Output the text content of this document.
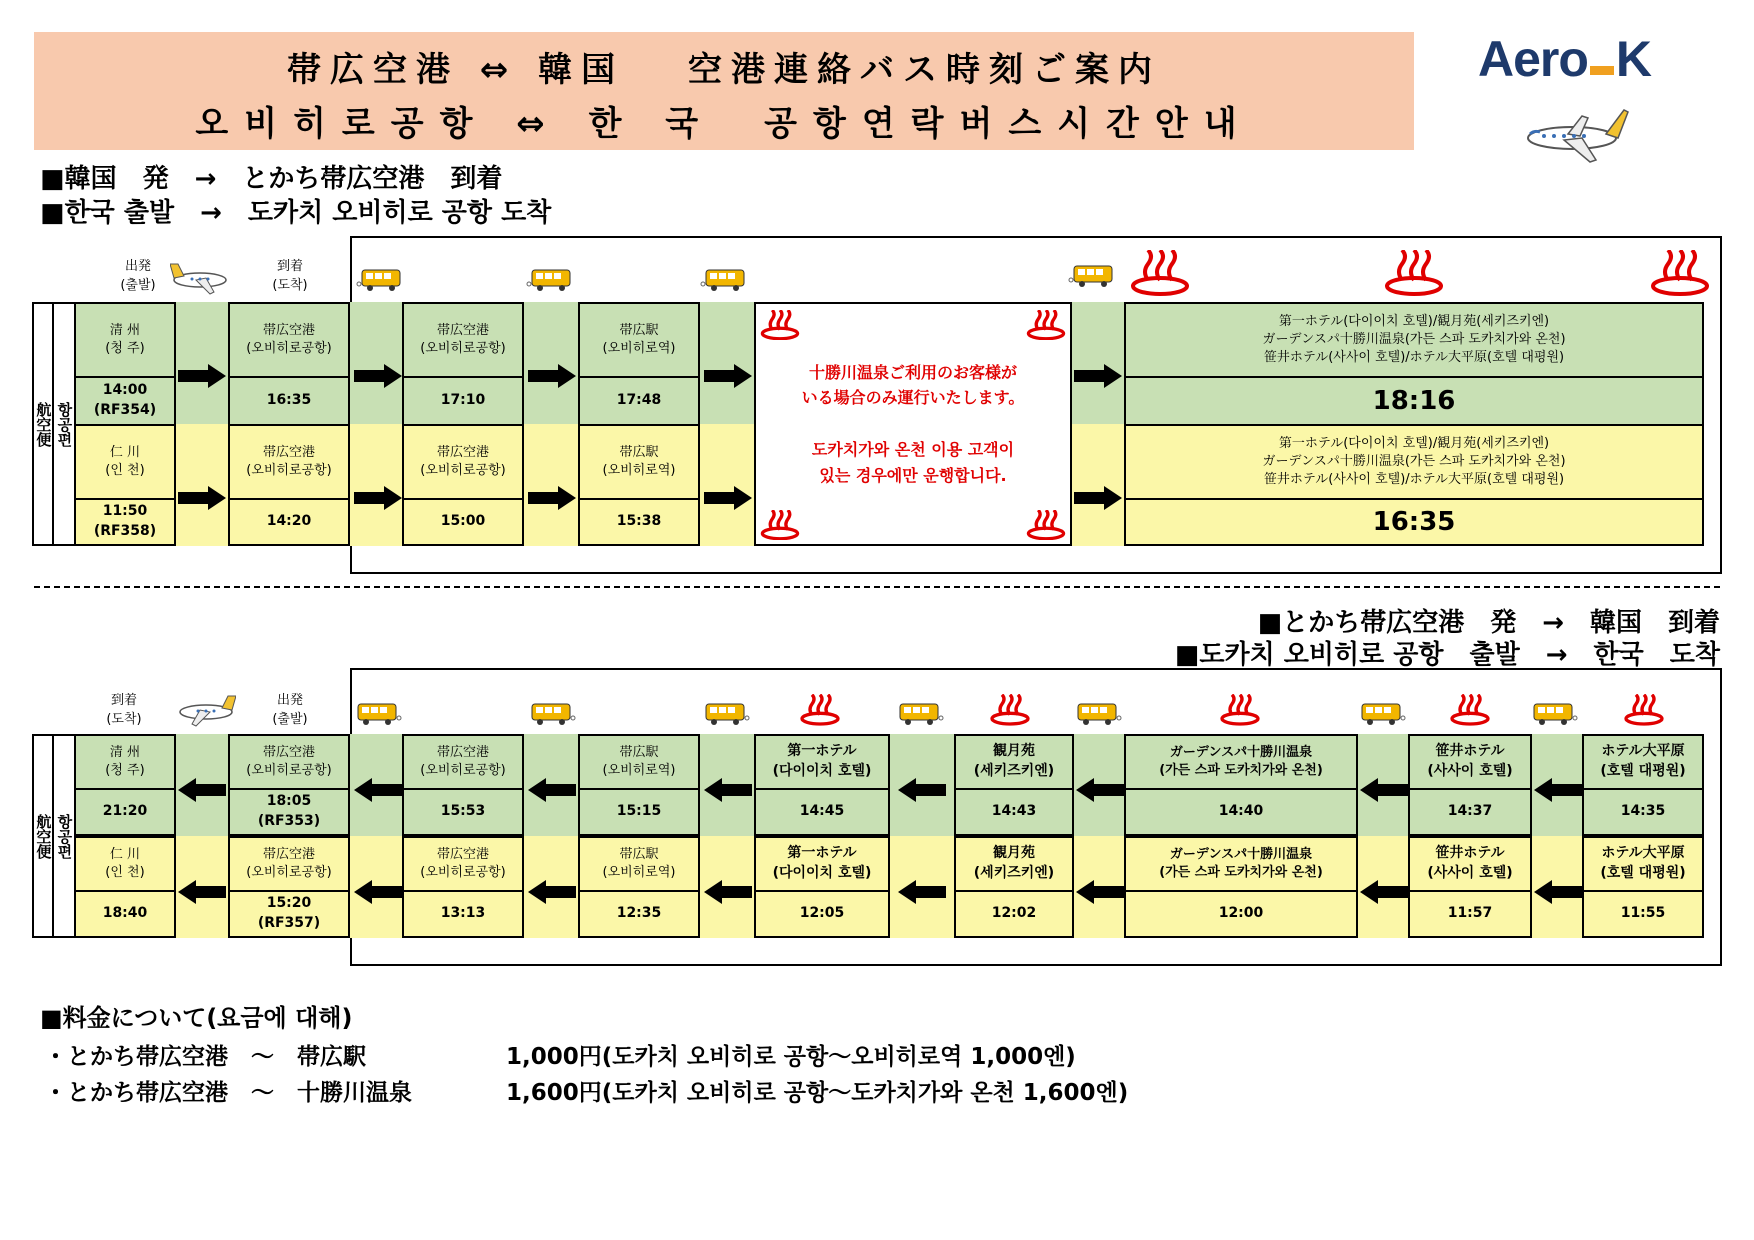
帯広空港 ⇔ 韓国 　空港連絡バス時刻ご案内
오비히로공항 ⇔ 한 국　공항연락버스시간안내
Aero K
■韓国　発　→　とかち帯広空港　到着
■한국 출발　→　도카치 오비히로 공항 도착
出発
(출발)
到着
(도착)
航空便 항공편
清 州
(청 주)
14:00
(RF354)
帯広空港
(오비히로공항)
16:35
帯広空港
(오비히로공항)
17:10
帯広駅
(오비히로역)
17:48
第一ホテル(다이이치 호텔)/観月苑(세키즈키엔)
ガーデンスパ十勝川温泉(가든 스파 도카치가와 온천)
笹井ホテル(사사이 호텔)/ホテル大平原(호텔 대평원)
18:16
仁 川
(인 천)
11:50
(RF358)
帯広空港
(오비히로공항)
14:20
帯広空港
(오비히로공항)
15:00
帯広駅
(오비히로역)
15:38
第一ホテル(다이이치 호텔)/観月苑(세키즈키엔)
ガーデンスパ十勝川温泉(가든 스파 도카치가와 온천)
笹井ホテル(사사이 호텔)/ホテル大平原(호텔 대평원)
16:35
十勝川温泉ご利用のお客様が
いる場合のみ運行いたします。
도카치가와 온천 이용 고객이
있는 경우에만 운행합니다.
■とかち帯広空港　発　→　韓国　到着
■도카치 오비히로 공항　출발　→　한국　도착
到着
(도착)
出発
(출발)
航空便 항공편
清 州
(청 주)
21:20
帯広空港
(오비히로공항)
18:05
(RF353)
帯広空港
(오비히로공항)
15:53
帯広駅
(오비히로역)
15:15
第一ホテル
(다이이치 호텔)
14:45
観月苑
(세키즈키엔)
14:43
ガーデンスパ十勝川温泉
(가든 스파 도카치가와 온천)
14:40
笹井ホテル
(사사이 호텔)
14:37
ホテル大平原
(호텔 대평원)
14:35
仁 川
(인 천)
18:40
帯広空港
(오비히로공항)
15:20
(RF357)
帯広空港
(오비히로공항)
13:13
帯広駅
(오비히로역)
12:35
第一ホテル
(다이이치 호텔)
12:05
観月苑
(세키즈키엔)
12:02
ガーデンスパ十勝川温泉
(가든 스파 도카치가와 온천)
12:00
笹井ホテル
(사사이 호텔)
11:57
ホテル大平原
(호텔 대평원)
11:55
■料金について(요금에 대해)
・とかち帯広空港　～　帯広駅	1,000円(도카치 오비히로 공항～오비히로역 1,000엔)
・とかち帯広空港　～　十勝川温泉	1,600円(도카치 오비히로 공항～도카치가와 온천 1,600엔)
